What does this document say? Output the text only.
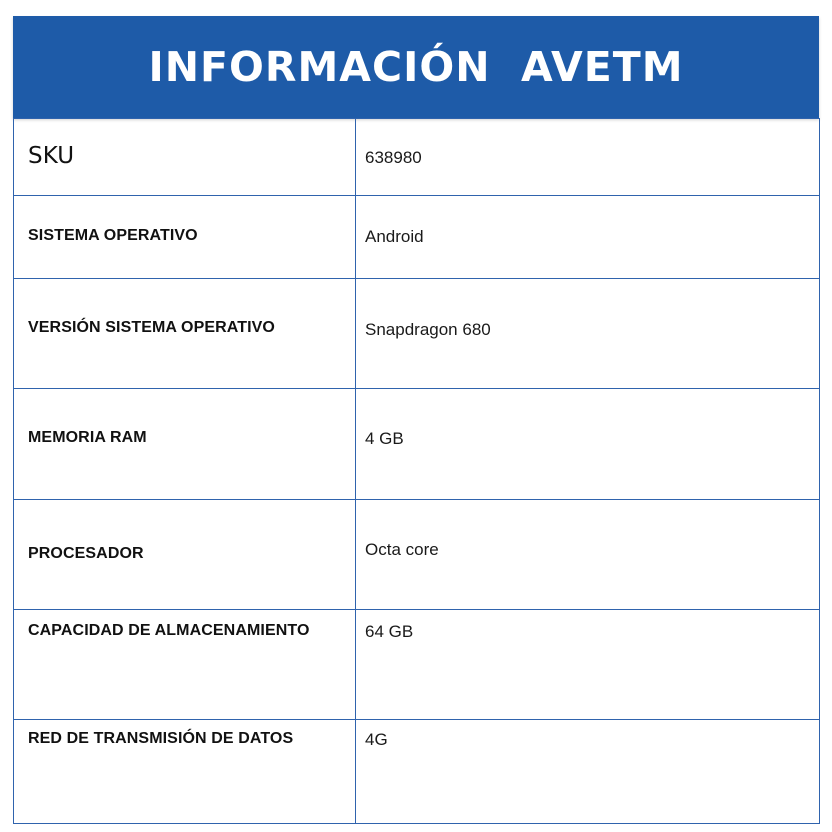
INFORMACIÓN  AVETM
SKU	638980

SISTEMA OPERATIVO	Android

VERSIÓN SISTEMA OPERATIVO	Snapdragon 680

MEMORIA RAM	4 GB

PROCESADOR	Octa core

CAPACIDAD DE ALMACENAMIENTO	64 GB

RED DE TRANSMISIÓN DE DATOS	4G
